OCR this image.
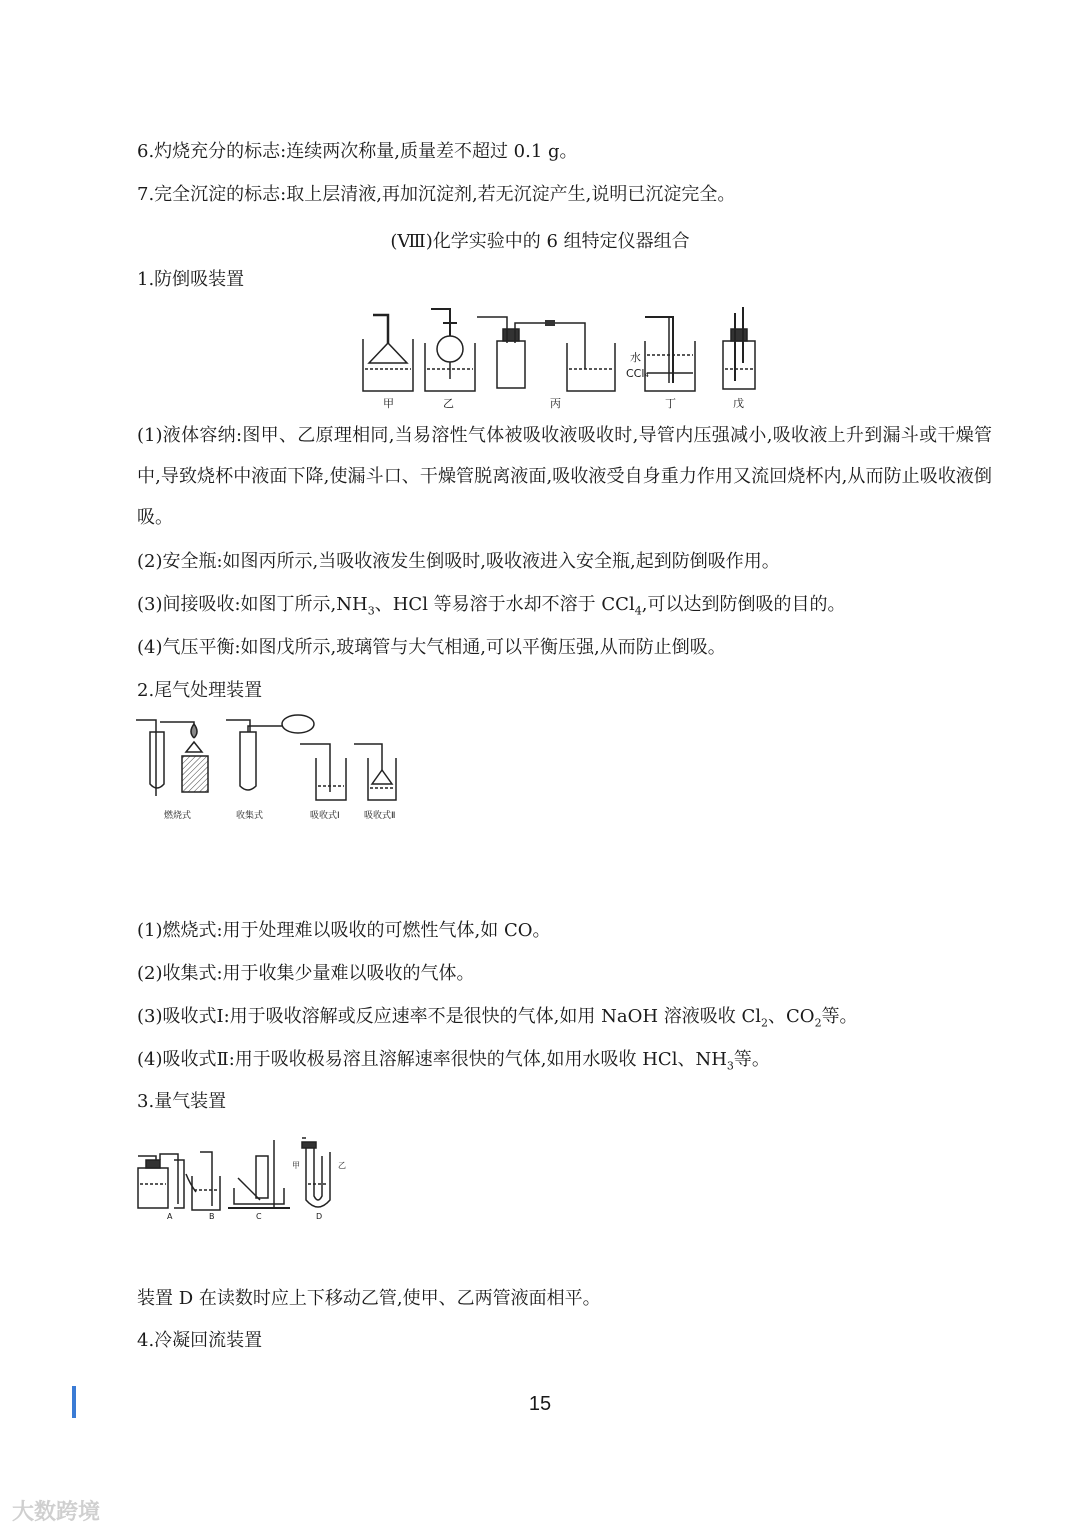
6.灼烧充分的标志:连续两次称量,质量差不超过 0.1 g。
7.完全沉淀的标志:取上层清液,再加沉淀剂,若无沉淀产生,说明已沉淀完全。
(Ⅷ)化学实验中的 6 组特定仪器组合
1.防倒吸装置
甲	乙	丙	丁	戊
水
CCl₄
(1)液体容纳:图甲、乙原理相同,当易溶性气体被吸收液吸收时,导管内压强减小,吸收液上升到漏斗或干燥管中,导致烧杯中液面下降,使漏斗口、干燥管脱离液面,吸收液受自身重力作用又流回烧杯内,从而防止吸收液倒吸。
(2)安全瓶:如图丙所示,当吸收液发生倒吸时,吸收液进入安全瓶,起到防倒吸作用。
(3)间接吸收:如图丁所示$,NH_3$、HCl 等易溶于水却不溶于 CCl$_4$,可以达到防倒吸的目的。
(4)气压平衡:如图戊所示,玻璃管与大气相通,可以平衡压强,从而防止倒吸。
2.尾气处理装置
燃烧式	收集式	吸收式Ⅰ	吸收式Ⅱ
(1)燃烧式:用于处理难以吸收的可燃性气体,如 CO。
(2)收集式:用于收集少量难以吸收的气体。
(3)吸收式Ⅰ:用于吸收溶解或反应速率不是很快的气体,如用 NaOH 溶液吸收 $Cl_2$、$CO_2$等。
(4)吸收式Ⅱ:用于吸收极易溶且溶解速率很快的气体,如用水吸收 HCl、$NH_3$等。
3.量气装置
A	B	C	D
甲	乙
装置 D 在读数时应上下移动乙管,使甲、乙两管液面相平。
4.冷凝回流装置
15
大数跨境
